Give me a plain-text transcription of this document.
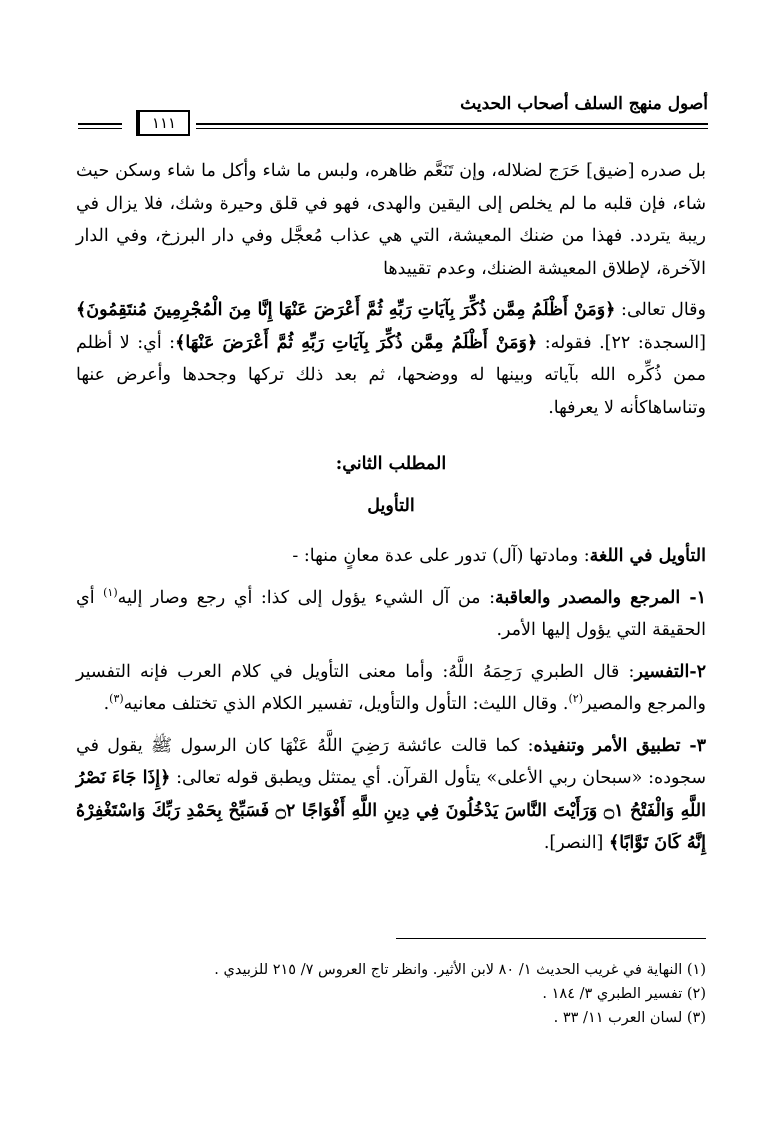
أصول منهج السلف أصحاب الحديث
١١١

بل صدره [ضيق] حَرَج لضلاله، وإن تَنَعَّم ظاهره، ولبس ما شاء وأكل ما شاء وسكن حيث شاء، فإن قلبه ما لم يخلص إلى اليقين والهدى، فهو في قلق وحيرة وشك، فلا يزال في ريبة يتردد. فهذا من ضنك المعيشة، التي هي عذاب مُعجَّل وفي دار البرزخ، وفي الدار الآخرة، لإطلاق المعيشة الضنك، وعدم تقييدها

وقال تعالى: ﴿وَمَنْ أَظْلَمُ مِمَّن ذُكِّرَ بِآيَاتِ رَبِّهِ ثُمَّ أَعْرَضَ عَنْهَا إِنَّا مِنَ الْمُجْرِمِينَ مُنتَقِمُونَ﴾ [السجدة: ٢٢]. فقوله: ﴿وَمَنْ أَظْلَمُ مِمَّن ذُكِّرَ بِآيَاتِ رَبِّهِ ثُمَّ أَعْرَضَ عَنْهَا﴾: أي: لا أظلم ممن ذُكِّره الله بآياته وبينها له ووضحها، ثم بعد ذلك تركها وجحدها وأعرض عنها وتناساهاكأنه لا يعرفها.

المطلب الثاني:

التأويل

التأويل في اللغة: ومادتها (آل) تدور على عدة معانٍ منها: -

١- المرجع والمصدر والعاقبة: من آل الشيء يؤول إلى كذا: أي رجع وصار إليه$^{(١)}$ أي الحقيقة التي يؤول إليها الأمر.

٢-التفسير: قال الطبري رَحِمَهُ اللَّهُ: وأما معنى التأويل في كلام العرب فإنه التفسير والمرجع والمصير$^{(٢)}$. وقال الليث: التأول والتأويل، تفسير الكلام الذي تختلف معانيه$^{(٣)}$.

٣- تطبيق الأمر وتنفيذه: كما قالت عائشة رَضِيَ اللَّهُ عَنْهَا كان الرسول ﷺ يقول في سجوده: «سبحان ربي الأعلى» يتأول القرآن. أي يمتثل ويطبق قوله تعالى: ﴿إِذَا جَاءَ نَصْرُ اللَّهِ وَالْفَتْحُ ۝١ وَرَأَيْتَ النَّاسَ يَدْخُلُونَ فِي دِينِ اللَّهِ أَفْوَاجًا ۝٢ فَسَبِّحْ بِحَمْدِ رَبِّكَ وَاسْتَغْفِرْهُ إِنَّهُ كَانَ تَوَّابًا﴾ [النصر].

(١) النهاية في غريب الحديث ١/ ٨٠ لابن الأثير. وانظر تاج العروس ٧/ ٢١٥ للزبيدي .
(٢) تفسير الطبري ٣/ ١٨٤ .
(٣) لسان العرب ١١/ ٣٣ .
